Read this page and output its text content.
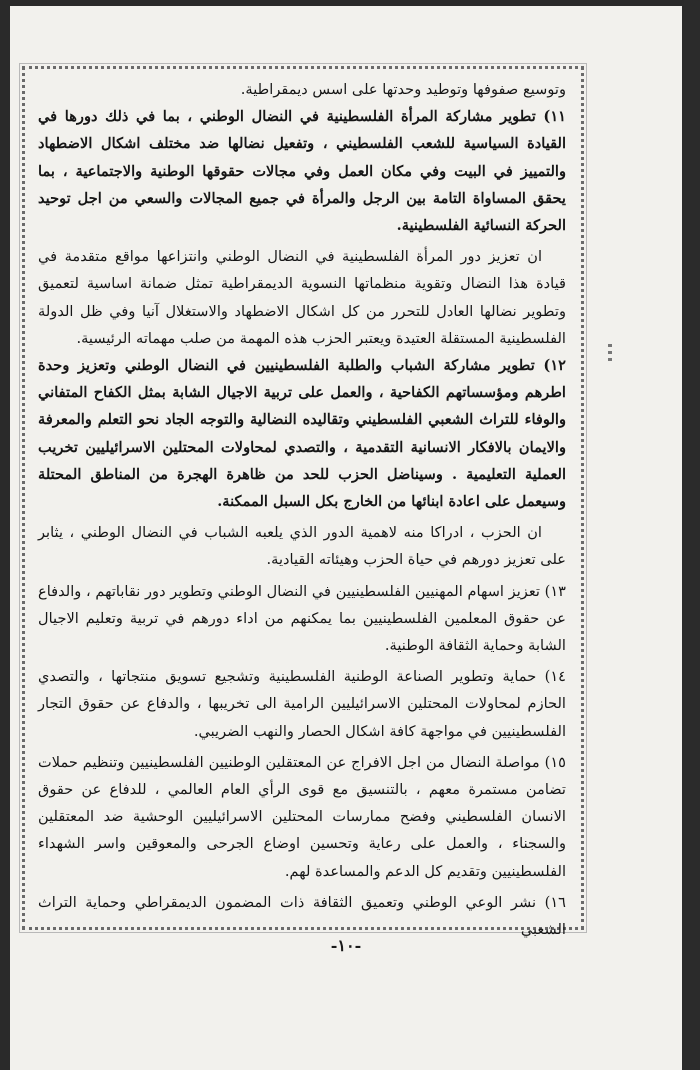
وتوسيع صفوفها وتوطيد وحدتها على اسس ديمقراطية.

١١) تطوير مشاركة المرأة الفلسطينية في النضال الوطني ، بما في ذلك دورها في القيادة السياسية للشعب الفلسطيني ، وتفعيل نضالها ضد مختلف اشكال الاضطهاد والتمييز في البيت وفي مكان العمل وفي مجالات حقوقها الوطنية والاجتماعية ، بما يحقق المساواة التامة بين الرجل والمرأة في جميع المجالات والسعي من اجل توحيد الحركة النسائية الفلسطينية.

ان تعزيز دور المرأة الفلسطينية في النضال الوطني وانتزاعها مواقع متقدمة في قيادة هذا النضال وتقوية منظماتها النسوية الديمقراطية تمثل ضمانة اساسية لتعميق وتطوير نضالها العادل للتحرر من كل اشكال الاضطهاد والاستغلال آنيا وفي ظل الدولة الفلسطينية المستقلة العتيدة ويعتبر الحزب هذه المهمة من صلب مهماته الرئيسية.

١٢) تطوير مشاركة الشباب والطلبة الفلسطينيين في النضال الوطني وتعزيز وحدة اطرهم ومؤسساتهم الكفاحية ، والعمل على تربية الاجيال الشابة بمثل الكفاح المتفاني والوفاء للتراث الشعبي الفلسطيني وتقاليده النضالية والتوجه الجاد نحو التعلم والمعرفة والايمان بالافكار الانسانية التقدمية ، والتصدي لمحاولات المحتلين الاسرائيليين تخريب العملية التعليمية . وسيناضل الحزب للحد من ظاهرة الهجرة من المناطق المحتلة وسيعمل على اعادة ابنائها من الخارج بكل السبل الممكنة.

ان الحزب ، ادراكا منه لاهمية الدور الذي يلعبه الشباب في النضال الوطني ، يثابر على تعزيز دورهم في حياة الحزب وهيئاته القيادية.

١٣) تعزيز اسهام المهنيين الفلسطينيين في النضال الوطني وتطوير دور نقاباتهم ، والدفاع عن حقوق المعلمين الفلسطينيين بما يمكنهم من اداء دورهم في تربية وتعليم الاجيال الشابة وحماية الثقافة الوطنية.

١٤) حماية وتطوير الصناعة الوطنية الفلسطينية وتشجيع تسويق منتجاتها ، والتصدي الحازم لمحاولات المحتلين الاسرائيليين الرامية الى تخريبها ، والدفاع عن حقوق التجار الفلسطينيين في مواجهة كافة اشكال الحصار والنهب الضريبي.

١٥) مواصلة النضال من اجل الافراج عن المعتقلين الوطنيين الفلسطينيين وتنظيم حملات تضامن مستمرة معهم ، بالتنسيق مع قوى الرأي العام العالمي ، للدفاع عن حقوق الانسان الفلسطيني وفضح ممارسات المحتلين الاسرائيليين الوحشية ضد المعتقلين والسجناء ، والعمل على رعاية وتحسين اوضاع الجرحى والمعوقين واسر الشهداء الفلسطينيين وتقديم كل الدعم والمساعدة لهم.

١٦) نشر الوعي الوطني وتعميق الثقافة ذات المضمون الديمقراطي وحماية التراث الشعبي

-١٠-
